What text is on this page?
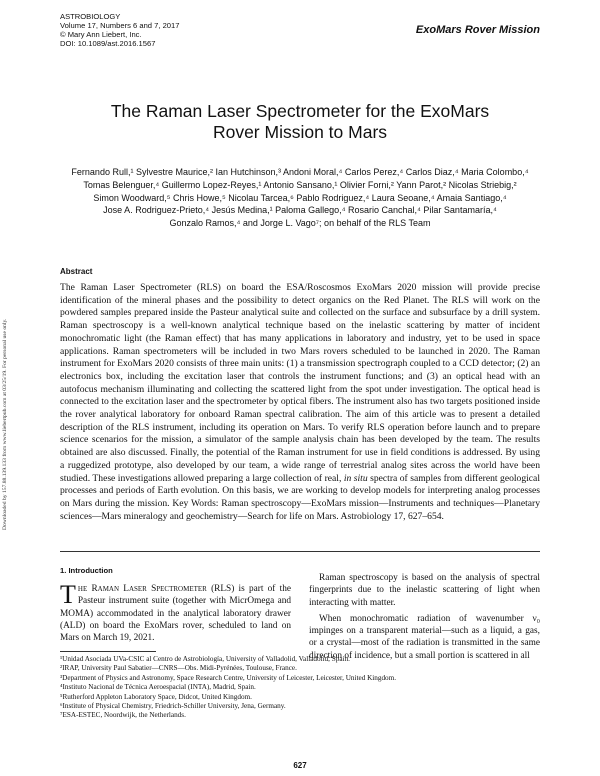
ASTROBIOLOGY
Volume 17, Numbers 6 and 7, 2017
© Mary Ann Liebert, Inc.
DOI: 10.1089/ast.2016.1567
ExoMars Rover Mission
The Raman Laser Spectrometer for the ExoMars
Rover Mission to Mars
Fernando Rull,¹ Sylvestre Maurice,² Ian Hutchinson,³ Andoni Moral,⁴ Carlos Perez,⁴ Carlos Diaz,⁴ Maria Colombo,⁴
Tomas Belenguer,⁴ Guillermo Lopez-Reyes,¹ Antonio Sansano,¹ Olivier Forni,² Yann Parot,² Nicolas Striebig,²
Simon Woodward,⁵ Chris Howe,⁵ Nicolau Tarcea,⁶ Pablo Rodriguez,⁴ Laura Seoane,⁴ Amaia Santiago,⁴
Jose A. Rodriguez-Prieto,⁴ Jesús Medina,¹ Paloma Gallego,⁴ Rosario Canchal,⁴ Pilar Santamaría,⁴
Gonzalo Ramos,⁴ and Jorge L. Vago⁷; on behalf of the RLS Team
Downloaded by 157.88.139.133 from www.liebertpub.com at 03/25/19. For personal use only.
Abstract
The Raman Laser Spectrometer (RLS) on board the ESA/Roscosmos ExoMars 2020 mission will provide precise identification of the mineral phases and the possibility to detect organics on the Red Planet. The RLS will work on the powdered samples prepared inside the Pasteur analytical suite and collected on the surface and subsurface by a drill system. Raman spectroscopy is a well-known analytical technique based on the inelastic scattering by matter of incident monochromatic light (the Raman effect) that has many applications in laboratory and industry, yet to be used in space applications. Raman spectrometers will be included in two Mars rovers scheduled to be launched in 2020. The Raman instrument for ExoMars 2020 consists of three main units: (1) a transmission spectrograph coupled to a CCD detector; (2) an electronics box, including the excitation laser that controls the instrument functions; and (3) an optical head with an autofocus mechanism illuminating and collecting the scattered light from the spot under investigation. The optical head is connected to the excitation laser and the spectrometer by optical fibers. The instrument also has two targets positioned inside the rover analytical laboratory for onboard Raman spectral calibration. The aim of this article was to present a detailed description of the RLS instrument, including its operation on Mars. To verify RLS operation before launch and to prepare science scenarios for the mission, a simulator of the sample analysis chain has been developed by the team. The results obtained are also discussed. Finally, the potential of the Raman instrument for use in field conditions is addressed. By using a ruggedized prototype, also developed by our team, a wide range of terrestrial analog sites across the world have been studied. These investigations allowed preparing a large collection of real, in situ spectra of samples from different geological processes and periods of Earth evolution. On this basis, we are working to develop models for interpreting analog processes on Mars during the mission. Key Words: Raman spectroscopy—ExoMars mission—Instruments and techniques—Planetary sciences—Mars mineralogy and geochemistry—Search for life on Mars. Astrobiology 17, 627–654.
1. Introduction

The Raman Laser Spectrometer (RLS) is part of the Pasteur instrument suite (together with MicrOmega and MOMA) accommodated in the analytical laboratory drawer (ALD) on board the ExoMars rover, scheduled to land on Mars on March 19, 2021.

Raman spectroscopy is based on the analysis of spectral fingerprints due to the inelastic scattering of light when interacting with matter.

When monochromatic radiation of wavenumber ν₀ impinges on a transparent material—such as a liquid, a gas, or a crystal—most of the radiation is transmitted in the same direction of incidence, but a small portion is scattered in all

¹Unidad Asociada UVa-CSIC al Centro de Astrobiología, University of Valladolid, Valladolid, Spain.
²IRAP, University Paul Sabatier—CNRS—Obs. Midi-Pyrénées, Toulouse, France.
³Department of Physics and Astronomy, Space Research Centre, University of Leicester, Leicester, United Kingdom.
⁴Instituto Nacional de Técnica Aeroespacial (INTA), Madrid, Spain.
⁵Rutherford Appleton Laboratory Space, Didcot, United Kingdom.
⁶Institute of Physical Chemistry, Friedrich-Schiller University, Jena, Germany.
⁷ESA-ESTEC, Noordwijk, the Netherlands.
627
